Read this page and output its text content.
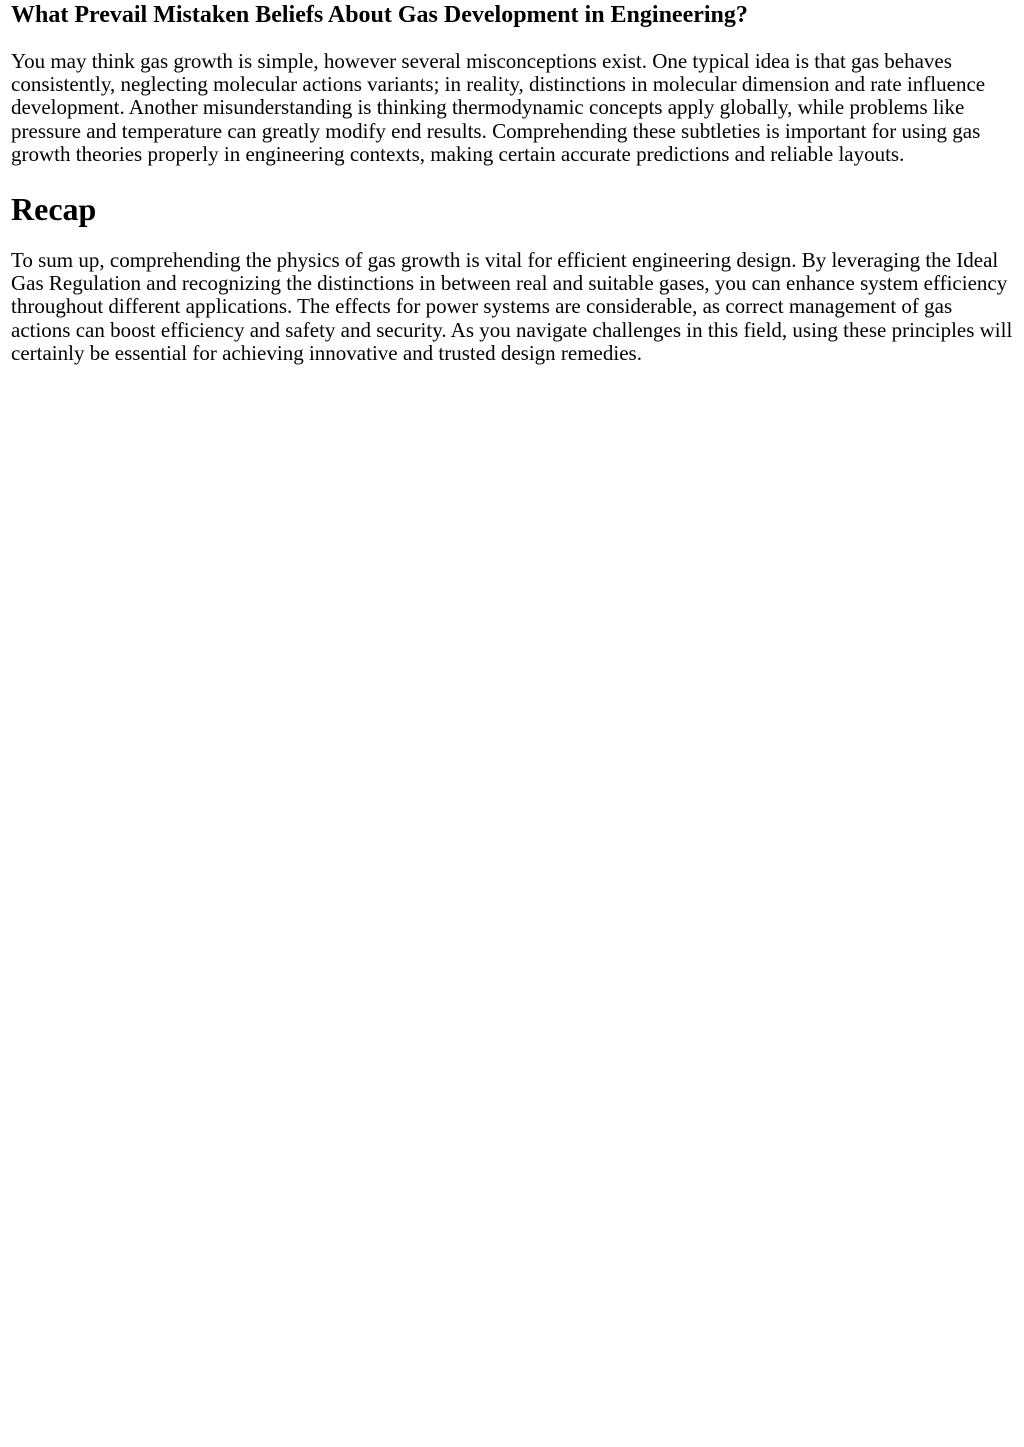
What Prevail Mistaken Beliefs About Gas Development in Engineering?

You may think gas growth is simple, however several misconceptions exist. One typical idea is that gas behaves consistently, neglecting molecular actions variants; in reality, distinctions in molecular dimension and rate influence development. Another misunderstanding is thinking thermodynamic concepts apply globally, while problems like pressure and temperature can greatly modify end results. Comprehending these subtleties is important for using gas growth theories properly in engineering contexts, making certain accurate predictions and reliable layouts.

Recap

To sum up, comprehending the physics of gas growth is vital for efficient engineering design. By leveraging the Ideal Gas Regulation and recognizing the distinctions in between real and suitable gases, you can enhance system efficiency throughout different applications. The effects for power systems are considerable, as correct management of gas actions can boost efficiency and safety and security. As you navigate challenges in this field, using these principles will certainly be essential for achieving innovative and trusted design remedies.
